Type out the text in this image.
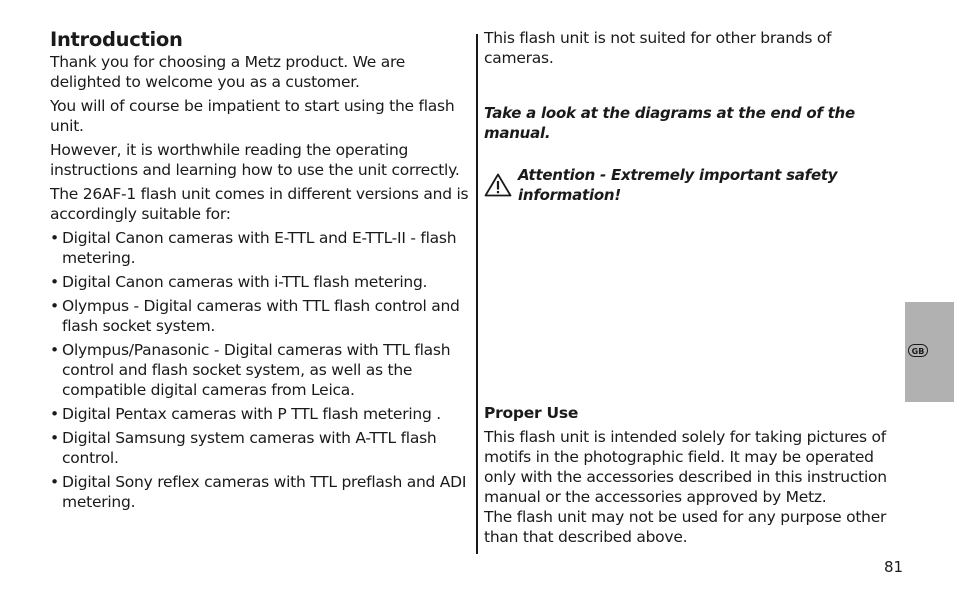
Introduction

Thank you for choosing a Metz product. We are delighted to welcome you as a customer.

You will of course be impatient to start using the flash unit.

However, it is worthwhile reading the operating instructions and learning how to use the unit correctly.

The 26AF-1 flash unit comes in different versions and is accordingly suitable for:

• Digital Canon cameras with E-TTL and E-TTL-II - flash metering.
• Digital Canon cameras with i-TTL flash metering.
• Olympus - Digital cameras with TTL flash control and flash socket system.
• Olympus/Panasonic - Digital cameras with TTL flash control and flash socket system, as well as the compatible digital cameras from Leica.
• Digital Pentax cameras with P TTL flash metering .
• Digital Samsung system cameras with A-TTL flash control.
• Digital Sony reflex cameras with TTL preflash and ADI metering.

This flash unit is not suited for other brands of cameras.

Take a look at the diagrams at the end of the manual.

Attention - Extremely important safety information!

Proper Use

This flash unit is intended solely for taking pictures of motifs in the photographic field. It may be operated only with the accessories described in this instruction manual or the accessories approved by Metz.

The flash unit may not be used for any purpose other than that described above.

GB
81
